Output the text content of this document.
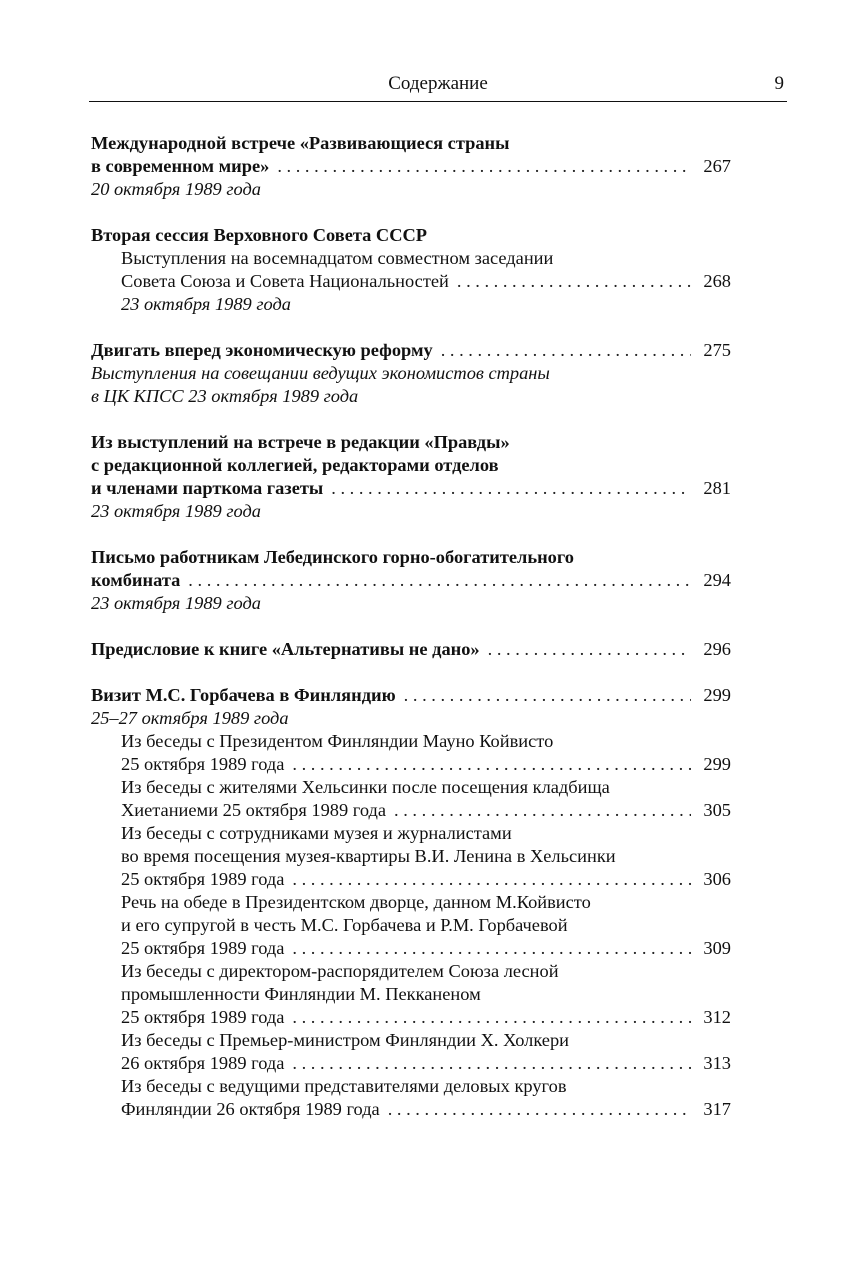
Содержание	9
Международной встрече «Развивающиеся страны
в современном мире» . . .	267
20 октября 1989 года
Вторая сессия Верховного Совета СССР
Выступления на восемнадцатом совместном заседании
Совета Союза и Совета Национальностей . . .	268
23 октября 1989 года
Двигать вперед экономическую реформу . . .	275
Выступления на совещании ведущих экономистов страны
в ЦК КПСС 23 октября 1989 года
Из выступлений на встрече в редакции «Правды»
с редакционной коллегией, редакторами отделов
и членами парткома газеты . . .	281
23 октября 1989 года
Письмо работникам Лебединского горно-обогатительного
комбината . . .	294
23 октября 1989 года
Предисловие к книге «Альтернативы не дано» . . .	296
Визит М.С. Горбачева в Финляндию . . .	299
25–27 октября 1989 года
Из беседы с Президентом Финляндии Мауно Койвисто
25 октября 1989 года . . .	299
Из беседы с жителями Хельсинки после посещения кладбища
Хиетаниеми 25 октября 1989 года . . .	305
Из беседы с сотрудниками музея и журналистами
во время посещения музея-квартиры В.И. Ленина в Хельсинки
25 октября 1989 года . . .	306
Речь на обеде в Президентском дворце, данном М.Койвисто
и его супругой в честь М.С. Горбачева и Р.М. Горбачевой
25 октября 1989 года . . .	309
Из беседы с директором-распорядителем Союза лесной
промышленности Финляндии М. Пекканеном
25 октября 1989 года . . .	312
Из беседы с Премьер-министром Финляндии Х. Холкери
26 октября 1989 года . . .	313
Из беседы с ведущими представителями деловых кругов
Финляндии 26 октября 1989 года . . .	317
